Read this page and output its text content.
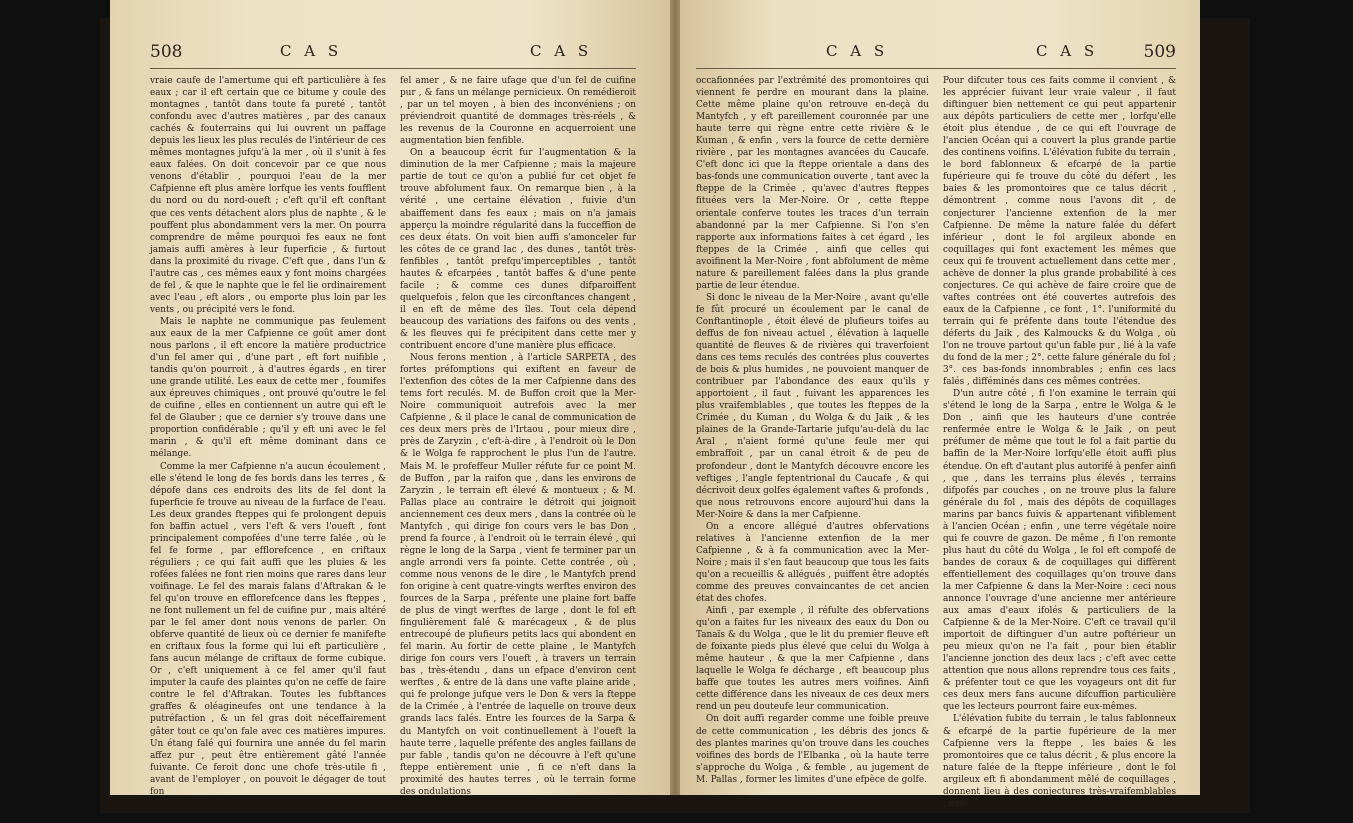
508	C A S	C A S

vraie caufe de l'amertume qui eft particulière à fes eaux ; car il eft certain que ce bitume y coule des montagnes , tantôt dans toute fa pureté , tantôt confondu avec d'autres matières , par des canaux cachés & fouterrains qui lui ouvrent un paffage depuis les lieux les plus reculés de l'intérieur de ces mêmes montagnes jufqu'à la mer , où il s'unit à fes eaux falées. On doit concevoir par ce que nous venons d'établir , pourquoi l'eau de la mer Cafpienne eft plus amère lorfque les vents foufflent du nord ou du nord-oueft ; c'eft qu'il eft conftant que ces vents détachent alors plus de naphte , & le pouffent plus abondamment vers la mer. On pourra comprendre de même pourquoi fes eaux ne font jamais auffi amères à leur fuperficie , & furtout dans la proximité du rivage. C'eft que , dans l'un & l'autre cas , ces mêmes eaux y font moins chargées de fel , & que le naphte que le fel lie ordinairement avec l'eau , eft alors , ou emporte plus loin par les vents , ou précipité vers le fond.

Mais le naphte ne communique pas feulement aux eaux de la mer Cafpienne ce goût amer dont nous parlons , il eft encore la matière productrice d'un fel amer qui , d'une part , eft fort nuifible , tandis qu'on pourroit , à d'autres égards , en tirer une grande utilité. Les eaux de cette mer , foumifes aux épreuves chimiques , ont prouvé qu'outre le fel de cuifine , elles en contiennent un autre qui eft le fel de Glauber ; que ce dernier s'y trouve dans une proportion confidérable ; qu'il y eft uni avec le fel marin , & qu'il eft même dominant dans ce mélange.

Comme la mer Cafpienne n'a aucun écoulement , elle s'étend le long de fes bords dans les terres , & dépofe dans ces endroits des lits de fel dont la fuperficie fe trouve au niveau de la furface de l'eau. Les deux grandes fteppes qui fe prolongent depuis fon baffin actuel , vers l'eft & vers l'oueft , font principalement compofées d'une terre falée , où le fel fe forme , par efflorefcence , en criftaux réguliers ; ce qui fait auffi que les pluies & les rofées falées ne font rien moins que rares dans leur voifinage. Le fel des marais falans d'Aftrakan & le fel qu'on trouve en efflorefcence dans les fteppes , ne font nullement un fel de cuifine pur , mais altéré par le fel amer dont nous venons de parler. On obferve quantité de lieux où ce dernier fe manifefte en criftaux fous la forme qui lui eft particulière , fans aucun mélange de criftaux de forme cubique. Or , c'eft uniquement à ce fel amer qu'il faut imputer la caufe des plaintes qu'on ne ceffe de faire contre le fel d'Aftrakan. Toutes les fubftances graffes & oléagineufes ont une tendance à la putréfaction , & un fel gras doit néceffairement gâter tout ce qu'on fale avec ces matières impures. Un étang falé qui fournira une année du fel marin affez pur , peut être entièrement gâté l'année fuivante. Ce feroit donc une chofe très-utile fi , avant de l'employer , on pouvoit le dégager de tout fon

fel amer , & ne faire ufage que d'un fel de cuifine pur , & fans un mélange pernicieux. On remédieroit , par un tel moyen , à bien des inconvéniens ; on préviendroit quantité de dommages très-réels , & les revenus de la Couronne en acquerroient une augmentation bien fenfible.

On a beaucoup écrit fur l'augmentation & la diminution de la mer Cafpienne ; mais la majeure partie de tout ce qu'on a publié fur cet objet fe trouve abfolument faux. On remarque bien , à la vérité , une certaine élévation , fuivie d'un abaiffement dans fes eaux ; mais on n'a jamais apperçu la moindre régularité dans la fucceffion de ces deux états. On voit bien auffi s'amonceler fur les côtes de ce grand lac , des dunes , tantôt très-fenfibles , tantôt prefqu'imperceptibles , tantôt hautes & efcarpées , tantôt baffes & d'une pente facile ; & comme ces dunes difparoiffent quelquefois , felon que les circonftances changent , il en eft de même des îles. Tout cela dépend beaucoup des variations des faifons ou des vents , & les fleuves qui fe précipitent dans cette mer y contribuent encore d'une manière plus efficace.

Nous ferons mention , à l'article SARPETA , des fortes préfomptions qui exiftent en faveur de l'extenfion des côtes de la mer Cafpienne dans des tems fort reculés. M. de Buffon croit que la Mer-Noire communiquoit autrefois avec la mer Cafpienne , & il place le canal de communication de ces deux mers près de l'Irtaou , pour mieux dire , près de Zaryzin , c'eft-à-dire , à l'endroit où le Don & le Wolga fe rapprochent le plus l'un de l'autre. Mais M. le profeffeur Muller réfute fur ce point M. de Buffon , par la raifon que , dans les environs de Zaryzin , le terrain eft élevé & montueux ; & M. Pallas place au contraire le détroit qui joignoit anciennement ces deux mers , dans la contrée où le Mantyfch , qui dirige fon cours vers le bas Don , prend fa fource , à l'endroit où le terrain élevé , qui règne le long de la Sarpa , vient fe terminer par un angle arrondi vers fa pointe. Cette contrée , où , comme nous venons de le dire , le Mantyfch prend fon origine à cent quatre-vingts werftes environ des fources de la Sarpa , préfente une plaine fort baffe de plus de vingt werftes de large , dont le fol eft fingulièrement falé & marécageux , & de plus entrecoupé de plufieurs petits lacs qui abondent en fel marin. Au fortir de cette plaine , le Mantyfch dirige fon cours vers l'oueft , à travers un terrain bas , très-étendu , dans un efpace d'environ cent werftes , & entre de là dans une vafte plaine aride , qui fe prolonge jufque vers le Don & vers la fteppe de la Crimée , à l'entrée de laquelle on trouve deux grands lacs falés. Entre les fources de la Sarpa & du Mantyfch on voit continuellement à l'oueft la haute terre , laquelle préfente des angles faillans de pur fable , tandis qu'on ne découvre à l'eft qu'une fteppe entièrement unie , fi ce n'eft dans la proximité des hautes terres , où le terrain forme des ondulations

C A S	C A S	509

occafionnées par l'extrémité des promontoires qui viennent fe perdre en mourant dans la plaine. Cette même plaine qu'on retrouve en-deçà du Mantyfch , y eft pareillement couronnée par une haute terre qui règne entre cette rivière & le Kuman , & enfin , vers la fource de cette dernière rivière , par les montagnes avancées du Caucafe. C'eft donc ici que la fteppe orientale a dans des bas-fonds une communication ouverte , tant avec la fteppe de la Crimée , qu'avec d'autres fteppes fituées vers la Mer-Noire. Or , cette fteppe orientale conferve toutes les traces d'un terrain abandonné par la mer Cafpienne. Si l'on s'en rapporte aux informations faites à cet égard , les fteppes de la Crimée , ainfi que celles qui avoifinent la Mer-Noire , font abfolument de même nature & pareillement falées dans la plus grande partie de leur étendue.

Si donc le niveau de la Mer-Noire , avant qu'elle fe fût procuré un écoulement par le canal de Conftantinople , étoit élevé de plufieurs toifes au deffus de fon niveau actuel , élévation à laquelle quantité de fleuves & de rivières qui traverfoient dans ces tems reculés des contrées plus couvertes de bois & plus humides , ne pouvoient manquer de contribuer par l'abondance des eaux qu'ils y apportoient , il faut , fuivant les apparences les plus vraifemblables , que toutes les fteppes de la Crimée , du Kuman , du Wolga & du Jaik , & les plaines de la Grande-Tartarie jufqu'au-delà du lac Aral , n'aient formé qu'une feule mer qui embraffoit , par un canal étroit & de peu de profondeur , dont le Mantyfch découvre encore les veftiges , l'angle feptentrional du Caucafe , & qui décrivoit deux golfes également vaftes & profonds , que nous retrouvons encore aujourd'hui dans la Mer-Noire & dans la mer Cafpienne.

On a encore allégué d'autres obfervations relatives à l'ancienne extenfion de la mer Cafpienne , & à fa communication avec la Mer-Noire ; mais il s'en faut beaucoup que tous les faits qu'on a recueillis & allégués , puiffent être adoptés comme des preuves convaincantes de cet ancien état des chofes.

Ainfi , par exemple , il réfulte des obfervations qu'on a faites fur les niveaux des eaux du Don ou Tanaïs & du Wolga , que le lit du premier fleuve eft de foixante pieds plus élevé que celui du Wolga à même hauteur , & que la mer Cafpienne , dans laquelle le Wolga fe décharge , eft beaucoup plus baffe que toutes les autres mers voifines. Ainfi cette différence dans les niveaux de ces deux mers rend un peu douteufe leur communication.

On doit auffi regarder comme une foible preuve de cette communication , les débris des joncs & des plantes marines qu'on trouve dans les couches voifines des bords de l'Elbanka , où la haute terre s'approche du Wolga , & femble , au jugement de M. Pallas , former les limites d'une efpèce de golfe.

Pour difcuter tous ces faits comme il convient , & les apprécier fuivant leur vraie valeur , il faut diftinguer bien nettement ce qui peut appartenir aux dépôts particuliers de cette mer , lorfqu'elle étoit plus étendue , de ce qui eft l'ouvrage de l'ancien Océan qui a couvert la plus grande partie des continens voifins. L'élévation fubite du terrain , le bord fablonneux & efcarpé de la partie fupérieure qui fe trouve du côté du défert , les baies & les promontoires que ce talus décrit , démontrent , comme nous l'avons dit , de conjecturer l'ancienne extenfion de la mer Cafpienne. De même la nature falée du défert inférieur , dont le fol argileux abonde en coquillages qui font exactement les mêmes que ceux qui fe trouvent actuellement dans cette mer , achève de donner la plus grande probabilité à ces conjectures. Ce qui achève de faire croire que de vaftes contrées ont été couvertes autrefois des eaux de la Cafpienne , ce font , 1°. l'uniformité du terrain qui fe préfente dans toute l'étendue des déferts du Jaik , des Kalmoucks & du Wolga , où l'on ne trouve partout qu'un fable pur , lié à la vafe du fond de la mer ; 2°. cette falure générale du fol ; 3°. ces bas-fonds innombrables ; enfin ces lacs falés , difféminés dans ces mêmes contrées.

D'un autre côté , fi l'on examine le terrain qui s'étend le long de la Sarpa , entre le Wolga & le Don , ainfi que les hauteurs d'une contrée renfermée entre le Wolga & le Jaik , on peut préfumer de même que tout le fol a fait partie du baffin de la Mer-Noire lorfqu'elle étoit auffi plus étendue. On eft d'autant plus autorifé à penfer ainfi , que , dans les terrains plus élevés , terrains difpofés par couches , on ne trouve plus la falure générale du fol , mais des dépôts de coquillages marins par bancs fuivis & appartenant vifiblement à l'ancien Océan ; enfin , une terre végétale noire qui fe couvre de gazon. De même , fi l'on remonte plus haut du côté du Wolga , le fol eft compofé de bandes de coraux & de coquillages qui diffèrent effentiellement des coquillages qu'on trouve dans la mer Cafpienne & dans la Mer-Noire : ceci nous annonce l'ouvrage d'une ancienne mer antérieure aux amas d'eaux ifolés & particuliers de la Cafpienne & de la Mer-Noire. C'eft ce travail qu'il importoit de diftinguer d'un autre poftérieur un peu mieux qu'on ne l'a fait , pour bien établir l'ancienne jonction des deux lacs ; c'eft avec cette attention que nous allons reprendre tous ces faits , & préfenter tout ce que les voyageurs ont dit fur ces deux mers fans aucune difcuffion particulière que les lecteurs pourront faire eux-mêmes.

L'élévation fubite du terrain , le talus fablonneux & efcarpé de la partie fupérieure de la mer Cafpienne vers la fteppe , les baies & les promontoires que ce talus décrit , & plus encore la nature falée de la fteppe inférieure , dont le fol argileux eft fi abondamment mêlé de coquillages , donnent lieu à des conjectures très-vraifemblables , nou-
